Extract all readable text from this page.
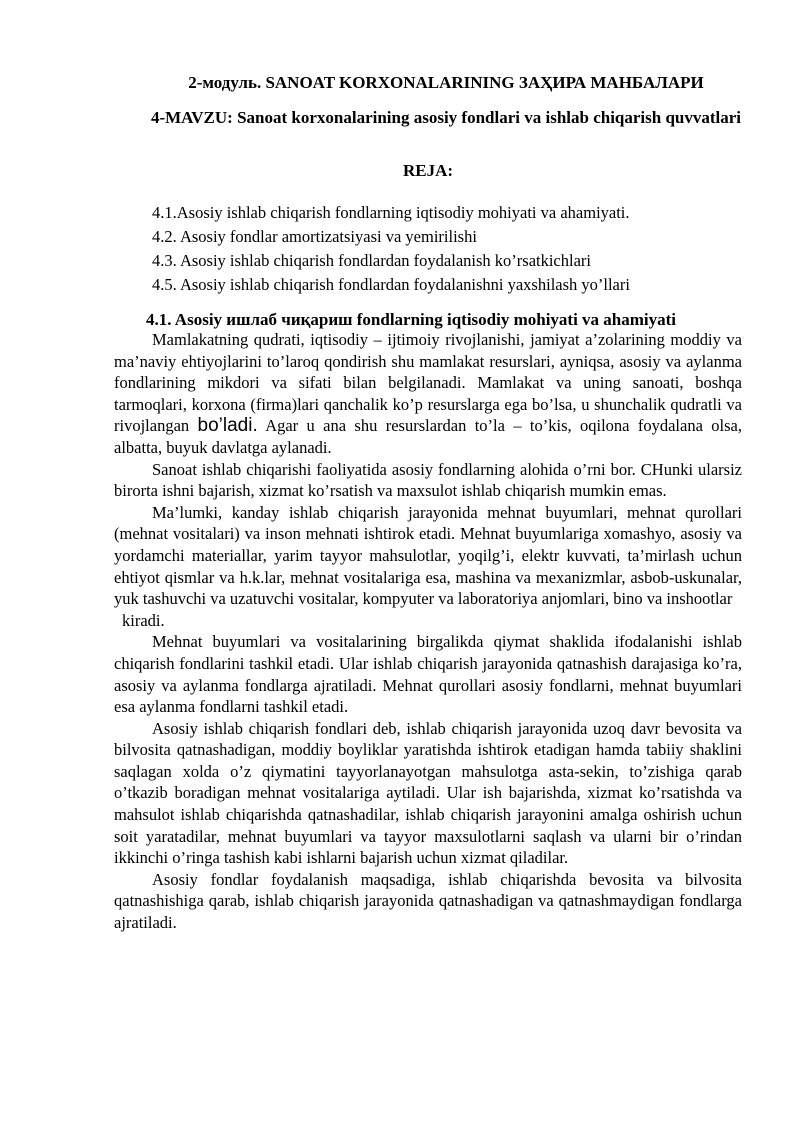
2-модуль. SANOAT KORXONALARINING ЗАҲИРА МАНБАЛАРИ
4-MAVZU: Sanoat korxonalarining asosiy fondlari va ishlab chiqarish quvvatlari
REJA:
4.1.Asosiy ishlab chiqarish fondlarning iqtisodiy mohiyati va ahamiyati.
4.2. Asosiy fondlar amortizatsiyasi va yemirilishi
4.3. Asosiy ishlab chiqarish fondlardan foydalanish ko’rsatkichlari
4.5. Asosiy ishlab chiqarish fondlardan foydalanishni yaxshilash yo’llari
4.1. Asosiy ишлаб чиқариш fondlarning iqtisodiy mohiyati va ahamiyati

Mamlakatning qudrati, iqtisodiy – ijtimoiy rivojlanishi, jamiyat a’zolarining moddiy va ma’naviy ehtiyojlarini to’laroq qondirish shu mamlakat resurslari, ayniqsa, asosiy va aylanma fondlarining mikdori va sifati bilan belgilanadi. Mamlakat va uning sanoati, boshqa tarmoqlari, korxona (firma)lari qanchalik ko’p resurslarga ega bo’lsa, u shunchalik qudratli va rivojlangan bo’ladi. Agar u ana shu resurslardan to’la – to’kis, oqilona foydalana olsa, albatta, buyuk davlatga aylanadi.

Sanoat ishlab chiqarishi faoliyatida asosiy fondlarning alohida o’rni bor. CHunki ularsiz birorta ishni bajarish, xizmat ko’rsatish va maxsulot ishlab chiqarish mumkin emas.

Ma’lumki, kanday ishlab chiqarish jarayonida mehnat buyumlari, mehnat qurollari (mehnat vositalari) va inson mehnati ishtirok etadi. Mehnat buyumlariga xomashyo, asosiy va yordamchi materiallar, yarim tayyor mahsulotlar, yoqilg’i, elektr kuvvati, ta’mirlash uchun ehtiyot qismlar va h.k.lar, mehnat vositalariga esa, mashina va mexanizmlar, asbob-uskunalar, yuk tashuvchi va uzatuvchi vositalar, kompyuter va laboratoriya anjomlari, bino va inshootlar

kiradi.

Mehnat buyumlari va vositalarining birgalikda qiymat shaklida ifodalanishi ishlab chiqarish fondlarini tashkil etadi. Ular ishlab chiqarish jarayonida qatnashish darajasiga ko’ra, asosiy va aylanma fondlarga ajratiladi. Mehnat qurollari asosiy fondlarni, mehnat buyumlari esa aylanma fondlarni tashkil etadi.

Asosiy ishlab chiqarish fondlari deb, ishlab chiqarish jarayonida uzoq davr bevosita va bilvosita qatnashadigan, moddiy boyliklar yaratishda ishtirok etadigan hamda tabiiy shaklini saqlagan xolda o’z qiymatini tayyorlanayotgan mahsulotga asta-sekin, to’zishiga qarab o’tkazib boradigan mehnat vositalariga aytiladi. Ular ish bajarishda, xizmat ko’rsatishda va mahsulot ishlab chiqarishda qatnashadilar, ishlab chiqarish jarayonini amalga oshirish uchun soit yaratadilar, mehnat buyumlari va tayyor maxsulotlarni saqlash va ularni bir o’rindan ikkinchi o’ringa tashish kabi ishlarni bajarish uchun xizmat qiladilar.

Asosiy fondlar foydalanish maqsadiga, ishlab chiqarishda bevosita va bilvosita qatnashishiga qarab, ishlab chiqarish jarayonida qatnashadigan va qatnashmaydigan fondlarga ajratiladi.
